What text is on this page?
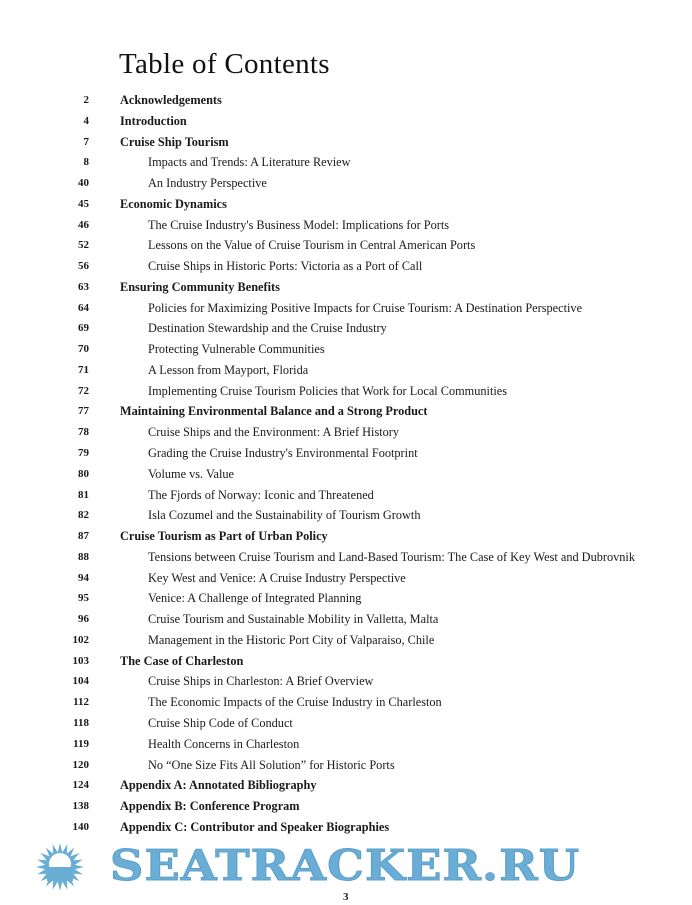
Table of Contents
2	Acknowledgements
4	Introduction
7	Cruise Ship Tourism
8	Impacts and Trends: A Literature Review
40	An Industry Perspective
45	Economic Dynamics
46	The Cruise Industry's Business Model: Implications for Ports
52	Lessons on the Value of Cruise Tourism in Central American Ports
56	Cruise Ships in Historic Ports: Victoria as a Port of Call
63	Ensuring Community Benefits
64	Policies for Maximizing Positive Impacts for Cruise Tourism: A Destination Perspective
69	Destination Stewardship and the Cruise Industry
70	Protecting Vulnerable Communities
71	A Lesson from Mayport, Florida
72	Implementing Cruise Tourism Policies that Work for Local Communities
77	Maintaining Environmental Balance and a Strong Product
78	Cruise Ships and the Environment: A Brief History
79	Grading the Cruise Industry's Environmental Footprint
80	Volume vs. Value
81	The Fjords of Norway: Iconic and Threatened
82	Isla Cozumel and the Sustainability of Tourism Growth
87	Cruise Tourism as Part of Urban Policy
88	Tensions between Cruise Tourism and Land-Based Tourism: The Case of Key West and Dubrovnik
94	Key West and Venice: A Cruise Industry Perspective
95	Venice: A Challenge of Integrated Planning
96	Cruise Tourism and Sustainable Mobility in Valletta, Malta
102	Management in the Historic Port City of Valparaiso, Chile
103	The Case of Charleston
104	Cruise Ships in Charleston: A Brief Overview
112	The Economic Impacts of the Cruise Industry in Charleston
118	Cruise Ship Code of Conduct
119	Health Concerns in Charleston
120	No “One Size Fits All Solution” for Historic Ports
124	Appendix A: Annotated Bibliography
138	Appendix B: Conference Program
140	Appendix C: Contributor and Speaker Biographies
SEATRACKER.RU
3
